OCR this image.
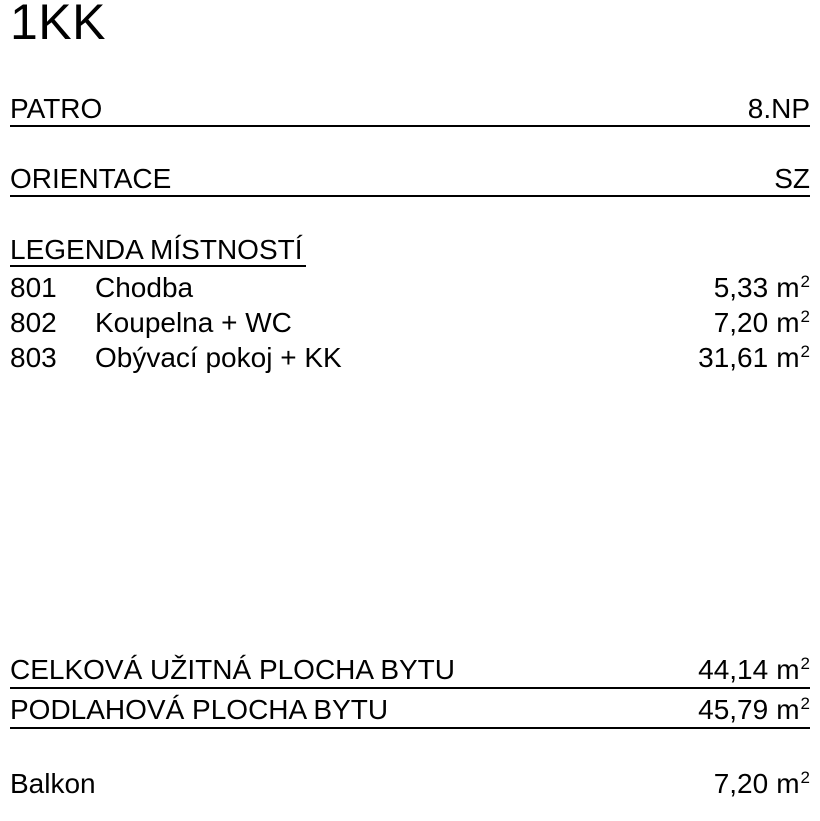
1KK
PATRO	8.NP
ORIENTACE	SZ
LEGENDA MÍSTNOSTÍ
801	Chodba	5,33 $m^2$
802	Koupelna + WC	7,20 $m^2$
803	Obývací pokoj + KK	31,61 $m^2$
CELKOVÁ UŽITNÁ PLOCHA BYTU	44,14 $m^2$
PODLAHOVÁ PLOCHA BYTU	45,79 $m^2$
Balkon	7,20 $m^2$
